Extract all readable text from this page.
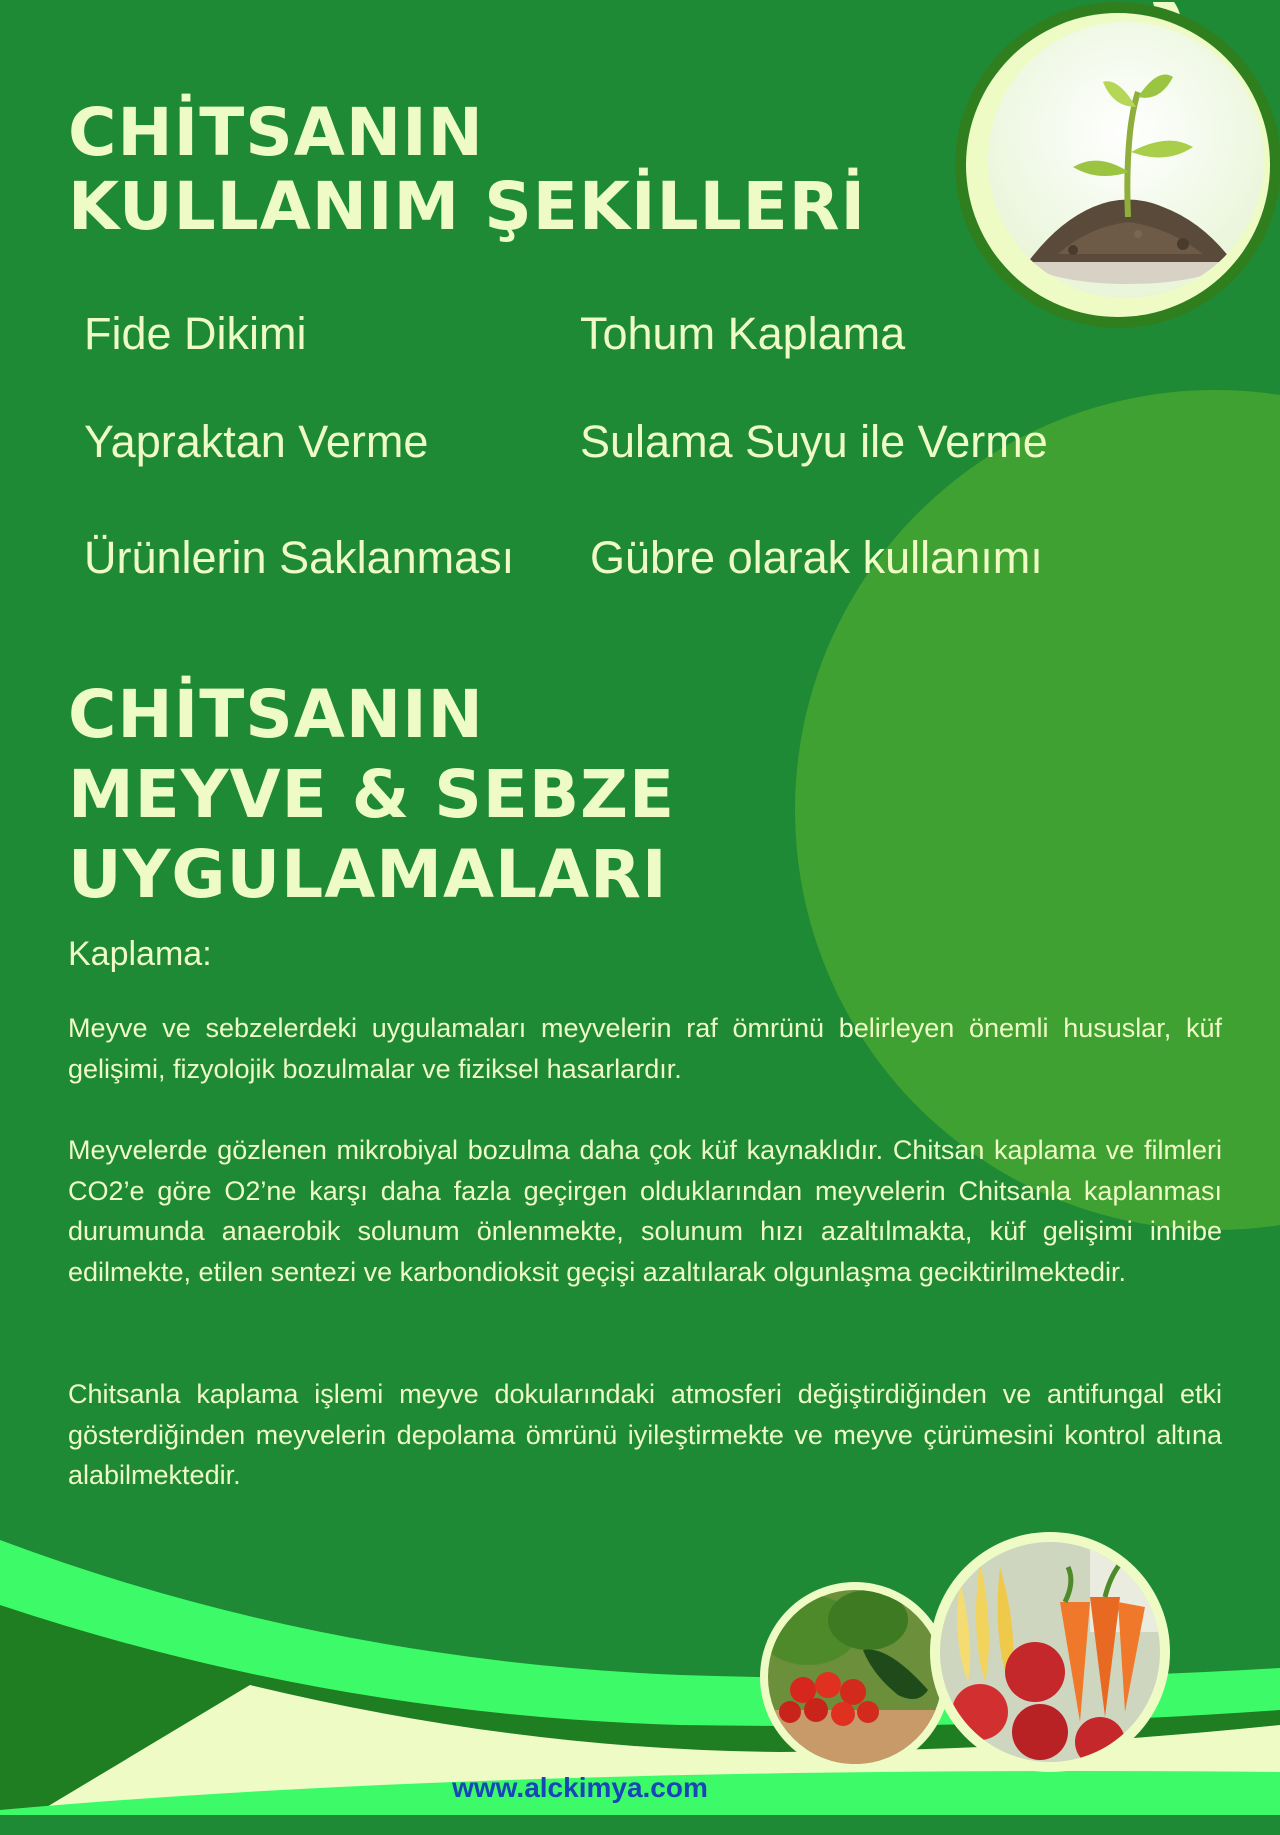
CHİTSANIN
KULLANIM ŞEKİLLERİ

Fide Dikimi	Tohum Kaplama

Yapraktan Verme	Sulama Suyu ile Verme

Ürünlerin Saklanması Gübre olarak kullanımı

CHİTSANIN
MEYVE & SEBZE
UYGULAMALARI
Kaplama:

Meyve ve sebzelerdeki uygulamaları meyvelerin raf ömrünü belirleyen önemli hususlar, küf gelişimi, fizyolojik bozulmalar ve fiziksel hasarlardır.

Meyvelerde gözlenen mikrobiyal bozulma daha çok küf kaynaklıdır. Chitsan kaplama ve filmleri CO2’e göre O2’ne karşı daha fazla geçirgen olduklarından meyvelerin Chitsanla kaplanması durumunda anaerobik solunum önlenmekte, solunum hızı azaltılmakta, küf gelişimi inhibe edilmekte, etilen sentezi ve karbondioksit geçişi azaltılarak olgunlaşma geciktirilmektedir.

Chitsanla kaplama işlemi meyve dokularındaki atmosferi değiştirdiğinden ve antifungal etki gösterdiğinden meyvelerin depolama ömrünü iyileştirmekte ve meyve çürümesini kontrol altına alabilmektedir.

www.alckimya.com
